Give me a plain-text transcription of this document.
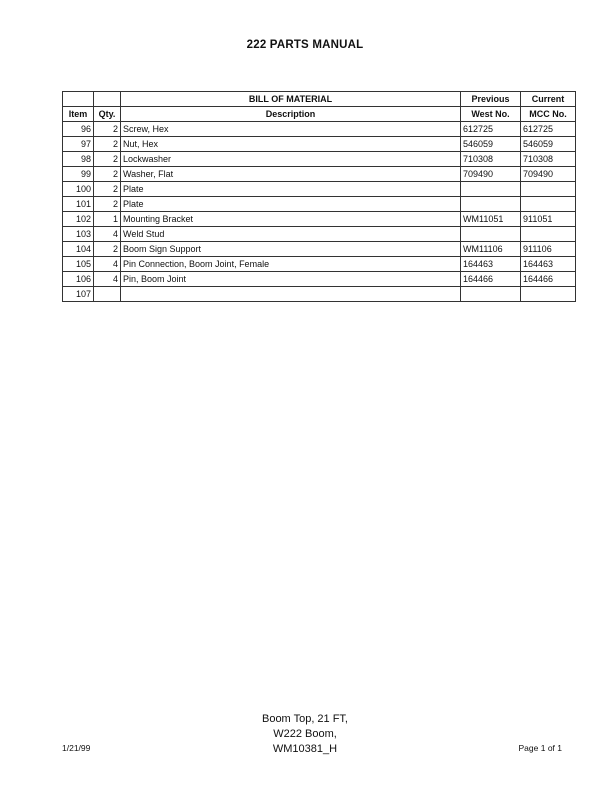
222 PARTS MANUAL
		BILL OF MATERIAL	Previous	Current
Item	Qty.	Description	West No.	MCC No.
96	2	Screw, Hex	612725	612725
97	2	Nut, Hex	546059	546059
98	2	Lockwasher	710308	710308
99	2	Washer, Flat	709490	709490
100	2	Plate		
101	2	Plate		
102	1	Mounting Bracket	WM11051	911051
103	4	Weld Stud		
104	2	Boom Sign Support	WM11106	911106
105	4	Pin Connection, Boom Joint, Female	164463	164463
106	4	Pin, Boom Joint	164466	164466
107				
Boom Top, 21 FT,
W222 Boom,
WM10381_H
1/21/99	Page 1 of 1
